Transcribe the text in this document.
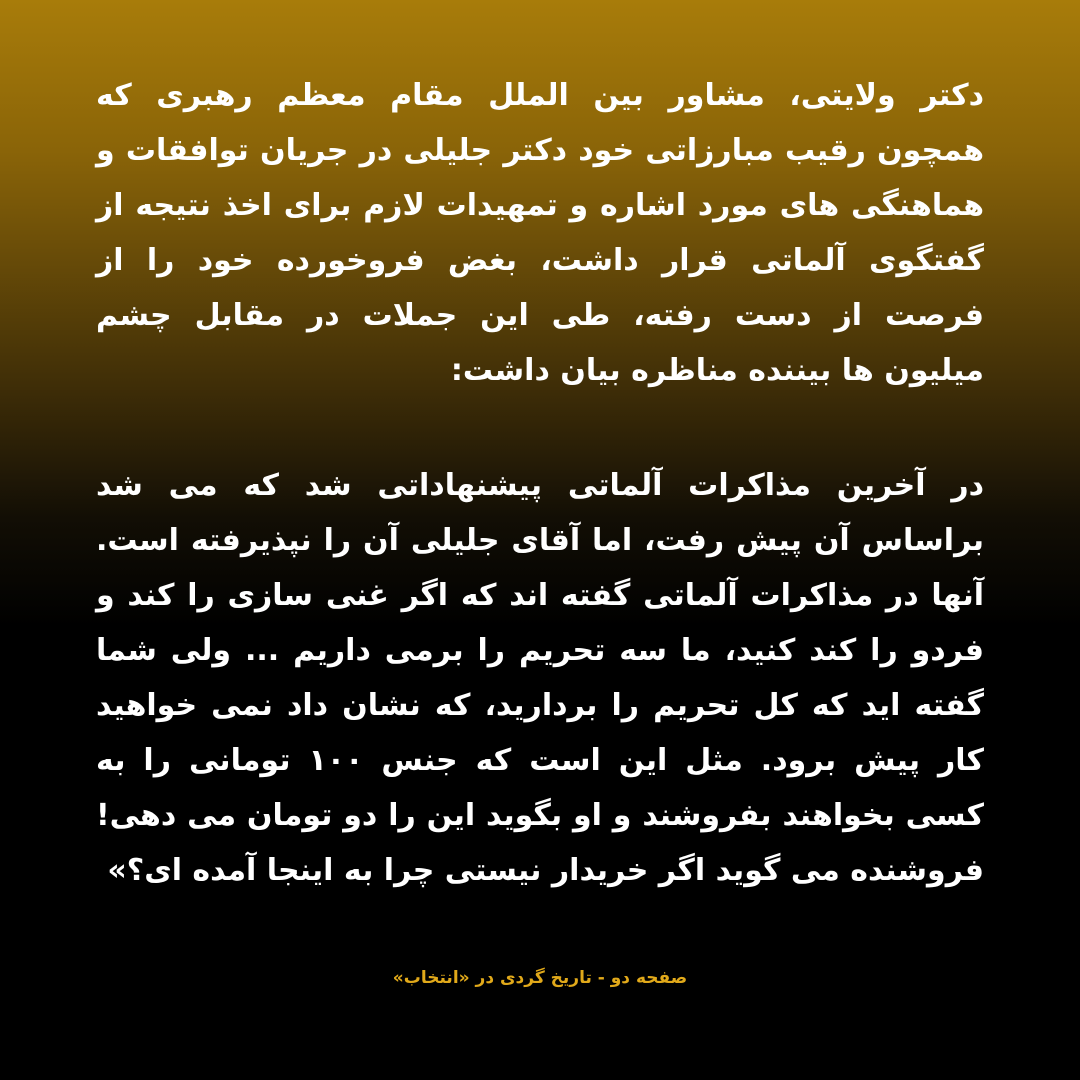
دکتر ولایتی، مشاور بین الملل مقام معظم رهبری که
همچون رقیب مبارزاتی خود دکتر جلیلی در جریان توافقات و
هماهنگی های مورد اشاره و تمهیدات لازم برای اخذ نتیجه از
گفتگوی آلماتی قرار داشت، بغض فروخورده خود را از
فرصت از دست رفته، طی این جملات در مقابل چشم
میلیون ها بیننده مناظره بیان داشت:
در آخرین مذاکرات آلماتی پیشنهاداتی شد که می شد
براساس آن پیش رفت، اما آقای جلیلی آن را نپذیرفته است.
آنها در مذاکرات آلماتی گفته اند که اگر غنی سازی را کند و
فردو را کند کنید، ما سه تحریم را برمی داریم ... ولی شما
گفته اید که کل تحریم را بردارید، که نشان داد نمی خواهید
کار پیش برود. مثل این است که جنس ۱۰۰ تومانی را به
کسی بخواهند بفروشند و او بگوید این را دو تومان می دهی!
فروشنده می گوید اگر خریدار نیستی چرا به اینجا آمده ای؟»
صفحه دو - تاریخ گردی در «انتخاب»
